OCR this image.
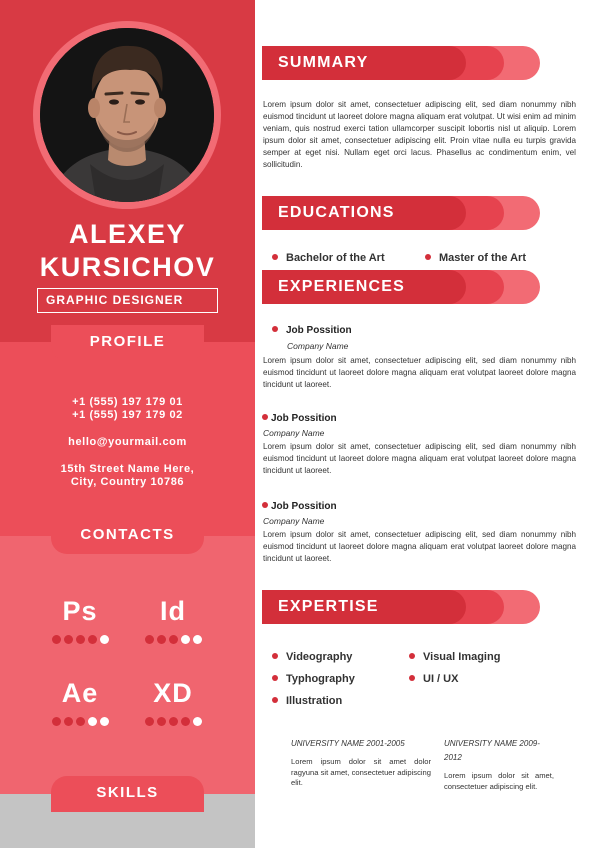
ALEXEY
KURSICHOV
GRAPHIC DESIGNER
PROFILE
+1 (555) 197 179 01
+1 (555) 197 179 02
hello@yourmail.com
15th Street Name Here,
City, Country 10786
CONTACTS
Ps	Id
Ae	XD
SKILLS
SUMMARY
Lorem ipsum dolor sit amet, consectetuer adipiscing elit, sed diam nonummy nibh euismod tincidunt ut laoreet dolore magna aliquam erat volutpat. Ut wisi enim ad minim veniam, quis nostrud exerci tation ullamcorper suscipit lobortis nisl ut aliquip. Lorem ipsum dolor sit amet, consectetuer adipiscing elit. Proin vitae nulla eu turpis gravida semper at eget nisi. Nullam eget orci lacus. Phasellus ac condimentum enim, vel sollicitudin.
EDUCATIONS
Bachelor of the Art	Master of the Art
EXPERIENCES
Job Possition
Company Name
Lorem ipsum dolor sit amet, consectetuer adipiscing elit, sed diam nonummy nibh euismod tincidunt ut laoreet dolore magna aliquam erat volutpat laoreet dolore magna tincidunt ut laoreet.
Job Possition
Company Name
Lorem ipsum dolor sit amet, consectetuer adipiscing elit, sed diam nonummy nibh euismod tincidunt ut laoreet dolore magna aliquam erat volutpat laoreet dolore magna tincidunt ut laoreet.
Job Possition
Company Name
Lorem ipsum dolor sit amet, consectetuer adipiscing elit, sed diam nonummy nibh euismod tincidunt ut laoreet dolore magna aliquam erat volutpat laoreet dolore magna tincidunt ut laoreet.
EXPERTISE
Videography
Typhography
Illustration
Visual Imaging
UI / UX
UNIVERSITY NAME 2001-2005
Lorem ipsum dolor sit amet dolor ragyuna sit amet, consectetuer adipiscing elit.
UNIVERSITY NAME 2009-2012
Lorem ipsum dolor sit amet, consectetuer adipiscing elit.
